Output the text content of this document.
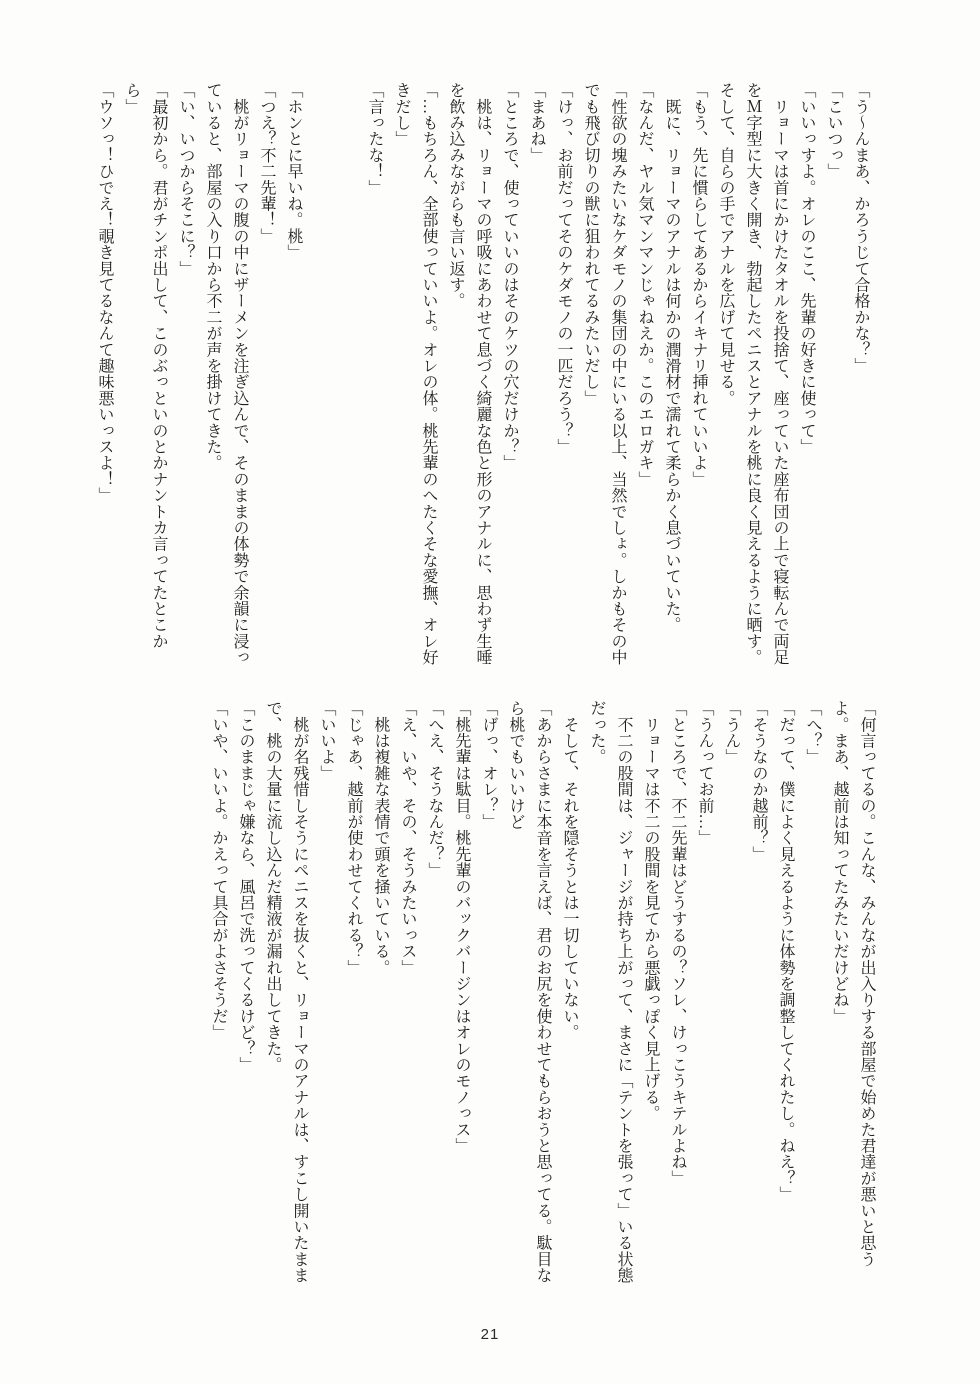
「う〜んまあ、かろうじて合格かな？」
「こいつっ」
「いいっすよ。オレのここ、先輩の好きに使って」
　リョーマは首にかけたタオルを投捨て、座っていた座布団の上で寝転んで両足
をＭ字型に大きく開き、勃起したペニスとアナルを桃に良く見えるように晒す。
そして、自らの手でアナルを広げて見せる。
「もう、先に慣らしてあるからイキナリ挿れていいよ」
　既に、リョーマのアナルは何かの潤滑材で濡れて柔らかく息づいていた。
「なんだ、ヤル気マンマンじゃねえか。このエロガキ」
「性欲の塊みたいなケダモノの集団の中にいる以上、当然でしょ。しかもその中
でも飛び切りの獣に狙われてるみたいだし」
「けっ、お前だってそのケダモノの一匹だろう？」
「まあね」
「ところで、使っていいのはそのケツの穴だけか？」
　桃は、リョーマの呼吸にあわせて息づく綺麗な色と形のアナルに、思わず生唾
を飲み込みながらも言い返す。
「…もちろん、全部使っていいよ。オレの体。桃先輩のへたくそな愛撫、オレ好
きだし」
「言ったな！」
「ホンとに早いね。桃」
「つえ？不二先輩！」
　桃がリョーマの腹の中にザーメンを注ぎ込んで、そのままの体勢で余韻に浸っ
ていると、部屋の入り口から不二が声を掛けてきた。
「い、いつからそこに？」
「最初から。君がチンポ出して、このぶっといのとかナントカ言ってたとこか
ら」
「ウソっ！ひでえ！覗き見てるなんて趣味悪いっスよ！」
「何言ってるの。こんな、みんなが出入りする部屋で始めた君達が悪いと思う
よ。まあ、越前は知ってたみたいだけどね」
「へ？」
「だって、僕によく見えるように体勢を調整してくれたし。ねえ？」
「そうなのか越前？」
「うん」
「うんってお前…」
「ところで、不二先輩はどうするの？ソレ、けっこうキテルよね」
　リョーマは不二の股間を見てから悪戯っぽく見上げる。
　不二の股間は、ジャージが持ち上がって、まさに「テントを張って」いる状態
だった。
　そして、それを隠そうとは一切していない。
「あからさまに本音を言えば、君のお尻を使わせてもらおうと思ってる。駄目な
ら桃でもいいけど
「げっ、オレ？」
「桃先輩は駄目。桃先輩のバックバージンはオレのモノっス」
「へえ、そうなんだ？」
「え、いや、その、そうみたいっス」
　桃は複雑な表情で頭を掻いている。
「じゃあ、越前が使わせてくれる？」
「いいよ」
　桃が名残惜しそうにペニスを抜くと、リョーマのアナルは、すこし開いたまま
で、桃の大量に流し込んだ精液が漏れ出してきた。
「このままじゃ嫌なら、風呂で洗ってくるけど？」
「いや、いいよ。かえって具合がよさそうだ」
21
